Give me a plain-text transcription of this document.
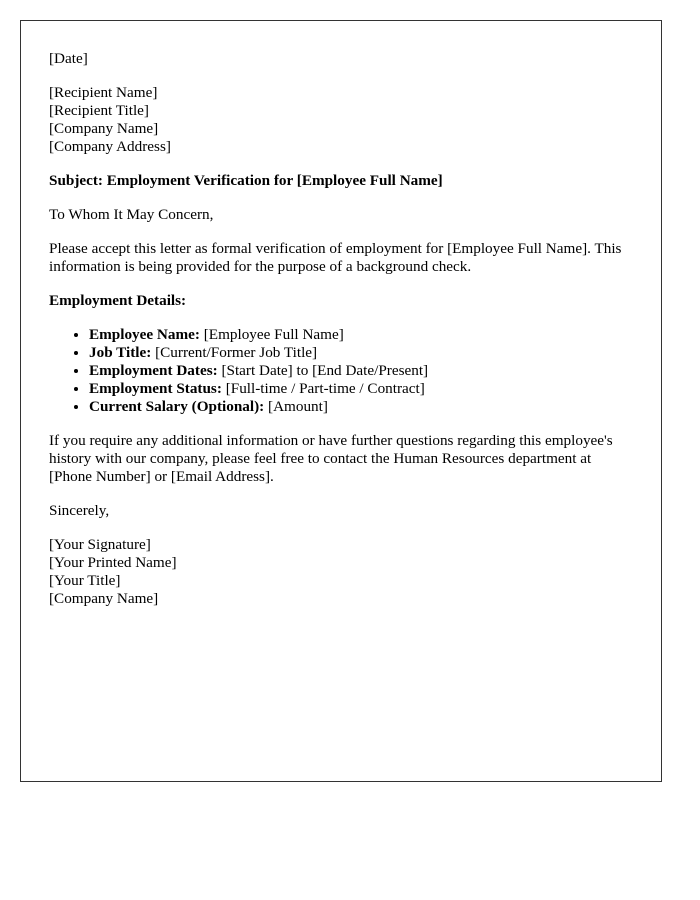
[Date]

[Recipient Name]
[Recipient Title]
[Company Name]
[Company Address]

Subject: Employment Verification for [Employee Full Name]

To Whom It May Concern,

Please accept this letter as formal verification of employment for [Employee Full Name]. This information is being provided for the purpose of a background check.

Employment Details:

• Employee Name: [Employee Full Name]
• Job Title: [Current/Former Job Title]
• Employment Dates: [Start Date] to [End Date/Present]
• Employment Status: [Full-time / Part-time / Contract]
• Current Salary (Optional): [Amount]

If you require any additional information or have further questions regarding this employee's history with our company, please feel free to contact the Human Resources department at [Phone Number] or [Email Address].

Sincerely,

[Your Signature]
[Your Printed Name]
[Your Title]
[Company Name]
